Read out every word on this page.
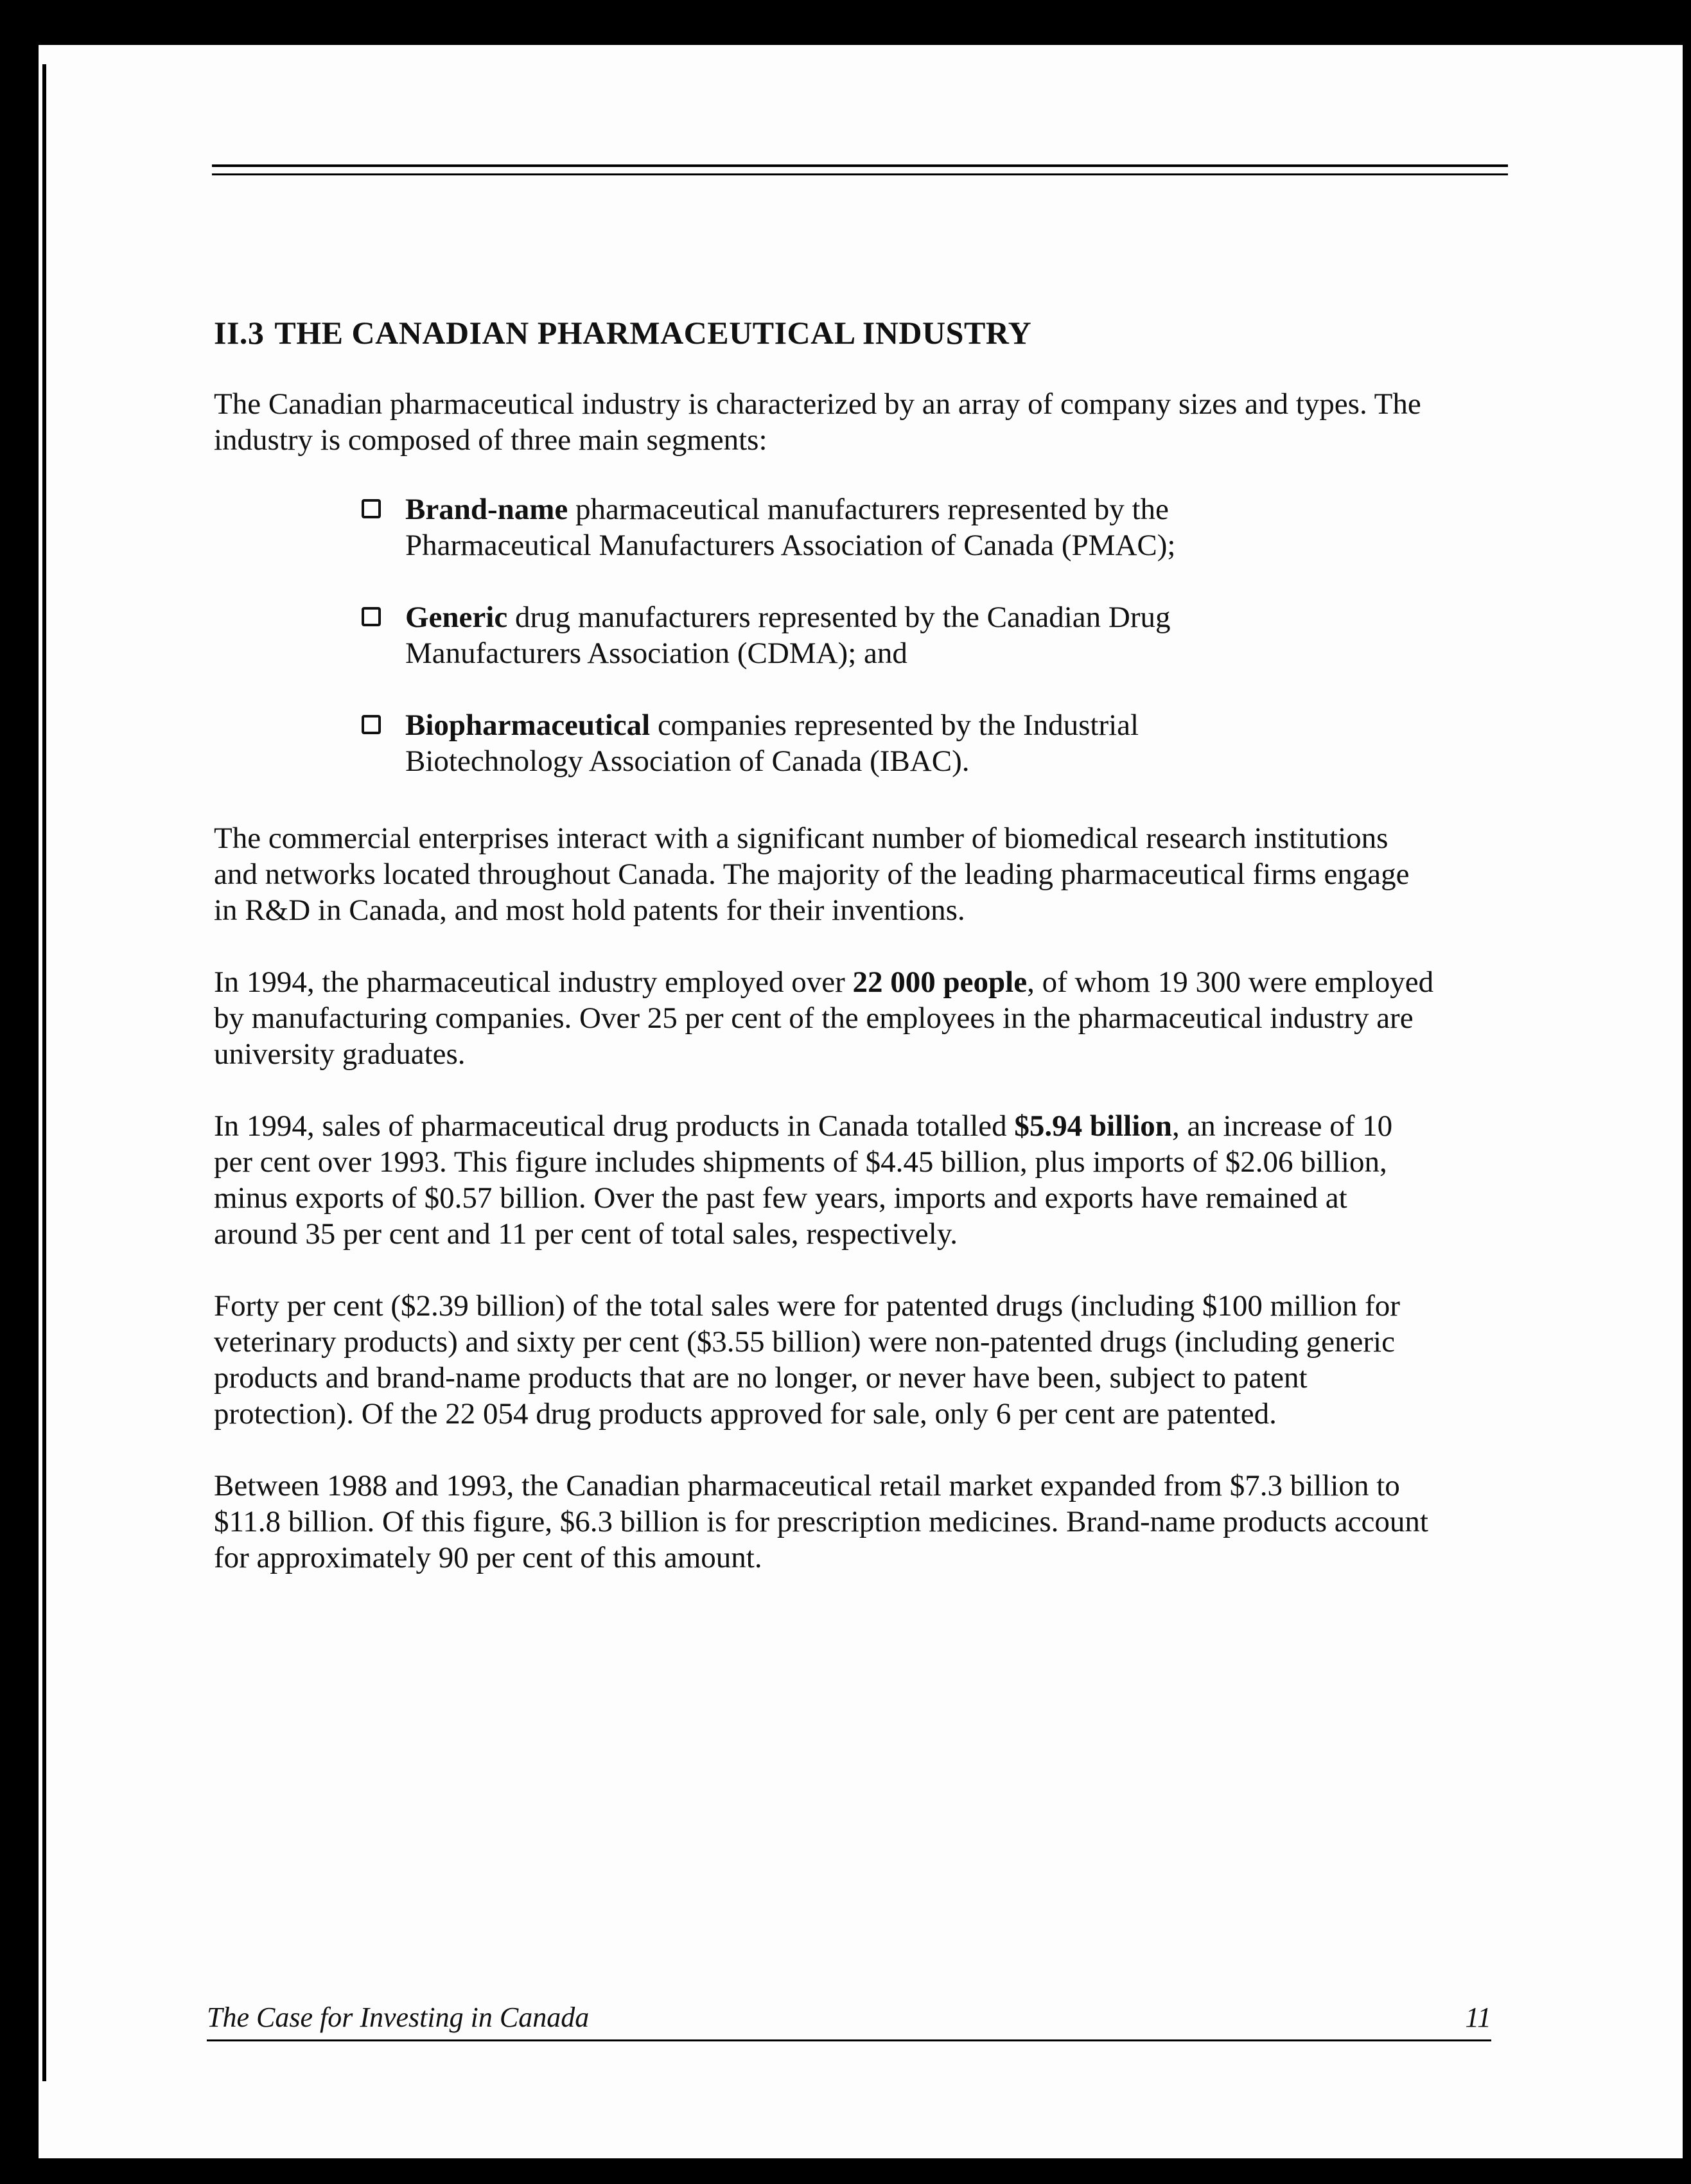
II.3 THE CANADIAN PHARMACEUTICAL INDUSTRY

The Canadian pharmaceutical industry is characterized by an array of company sizes and types. The industry is composed of three main segments:

Brand-name pharmaceutical manufacturers represented by the Pharmaceutical Manufacturers Association of Canada (PMAC);
Generic drug manufacturers represented by the Canadian Drug Manufacturers Association (CDMA); and
Biopharmaceutical companies represented by the Industrial Biotechnology Association of Canada (IBAC).

The commercial enterprises interact with a significant number of biomedical research institutions and networks located throughout Canada. The majority of the leading pharmaceutical firms engage in R&D in Canada, and most hold patents for their inventions.

In 1994, the pharmaceutical industry employed over 22 000 people, of whom 19 300 were employed by manufacturing companies. Over 25 per cent of the employees in the pharmaceutical industry are university graduates.

In 1994, sales of pharmaceutical drug products in Canada totalled $5.94 billion, an increase of 10 per cent over 1993. This figure includes shipments of $4.45 billion, plus imports of $2.06 billion, minus exports of $0.57 billion. Over the past few years, imports and exports have remained at around 35 per cent and 11 per cent of total sales, respectively.

Forty per cent ($2.39 billion) of the total sales were for patented drugs (including $100 million for veterinary products) and sixty per cent ($3.55 billion) were non-patented drugs (including generic products and brand-name products that are no longer, or never have been, subject to patent protection). Of the 22 054 drug products approved for sale, only 6 per cent are patented.

Between 1988 and 1993, the Canadian pharmaceutical retail market expanded from $7.3 billion to $11.8 billion. Of this figure, $6.3 billion is for prescription medicines. Brand-name products account for approximately 90 per cent of this amount.

The Case for Investing in Canada	11
